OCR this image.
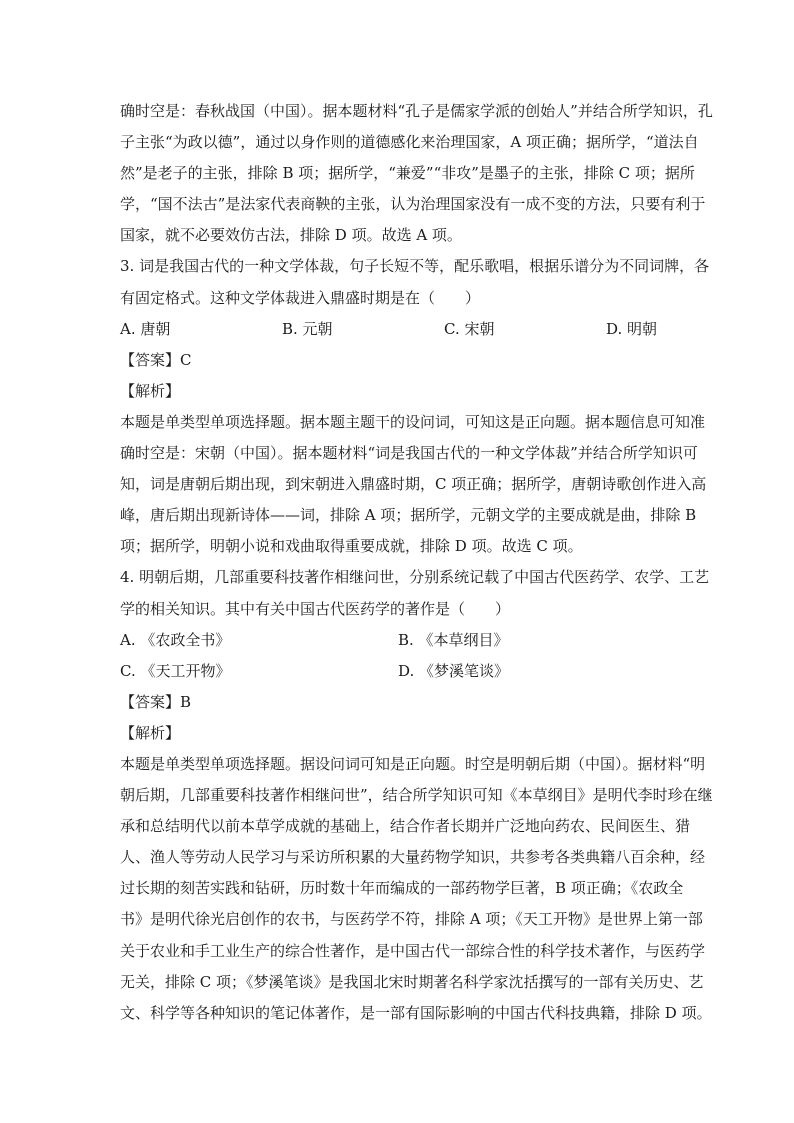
确时空是：春秋战国（中国）。据本题材料“孔子是儒家学派的创始人”并结合所学知识，孔
子主张“为政以德”，通过以身作则的道德感化来治理国家，A 项正确；据所学，“道法自
然”是老子的主张，排除 B 项；据所学，“兼爱”“非攻”是墨子的主张，排除 C 项；据所
学，“国不法古”是法家代表商鞅的主张，认为治理国家没有一成不变的方法，只要有利于
国家，就不必要效仿古法，排除 D 项。故选 A 项。
3. 词是我国古代的一种文学体裁，句子长短不等，配乐歌唱，根据乐谱分为不同词牌，各
有固定格式。这种文学体裁进入鼎盛时期是在（　　）
A. 唐朝	B. 元朝	C. 宋朝	D. 明朝
【答案】C
【解析】
本题是单类型单项选择题。据本题主题干的设问词，可知这是正向题。据本题信息可知准
确时空是：宋朝（中国）。据本题材料“词是我国古代的一种文学体裁”并结合所学知识可
知，词是唐朝后期出现，到宋朝进入鼎盛时期，C 项正确；据所学，唐朝诗歌创作进入高
峰，唐后期出现新诗体——词，排除 A 项；据所学，元朝文学的主要成就是曲，排除 B
项；据所学，明朝小说和戏曲取得重要成就，排除 D 项。故选 C 项。
4. 明朝后期，几部重要科技著作相继问世，分别系统记载了中国古代医药学、农学、工艺
学的相关知识。其中有关中国古代医药学的著作是（　　）
A. 《农政全书》	B. 《本草纲目》
C. 《天工开物》	D. 《梦溪笔谈》
【答案】B
【解析】
本题是单类型单项选择题。据设问词可知是正向题。时空是明朝后期（中国）。据材料“明
朝后期，几部重要科技著作相继问世”，结合所学知识可知《本草纲目》是明代李时珍在继
承和总结明代以前本草学成就的基础上，结合作者长期并广泛地向药农、民间医生、猎
人、渔人等劳动人民学习与采访所积累的大量药物学知识，共参考各类典籍八百余种，经
过长期的刻苦实践和钻研，历时数十年而编成的一部药物学巨著，B 项正确；《农政全
书》是明代徐光启创作的农书，与医药学不符，排除 A 项；《天工开物》是世界上第一部
关于农业和手工业生产的综合性著作，是中国古代一部综合性的科学技术著作，与医药学
无关，排除 C 项；《梦溪笔谈》是我国北宋时期著名科学家沈括撰写的一部有关历史、艺
文、科学等各种知识的笔记体著作，是一部有国际影响的中国古代科技典籍，排除 D 项。
